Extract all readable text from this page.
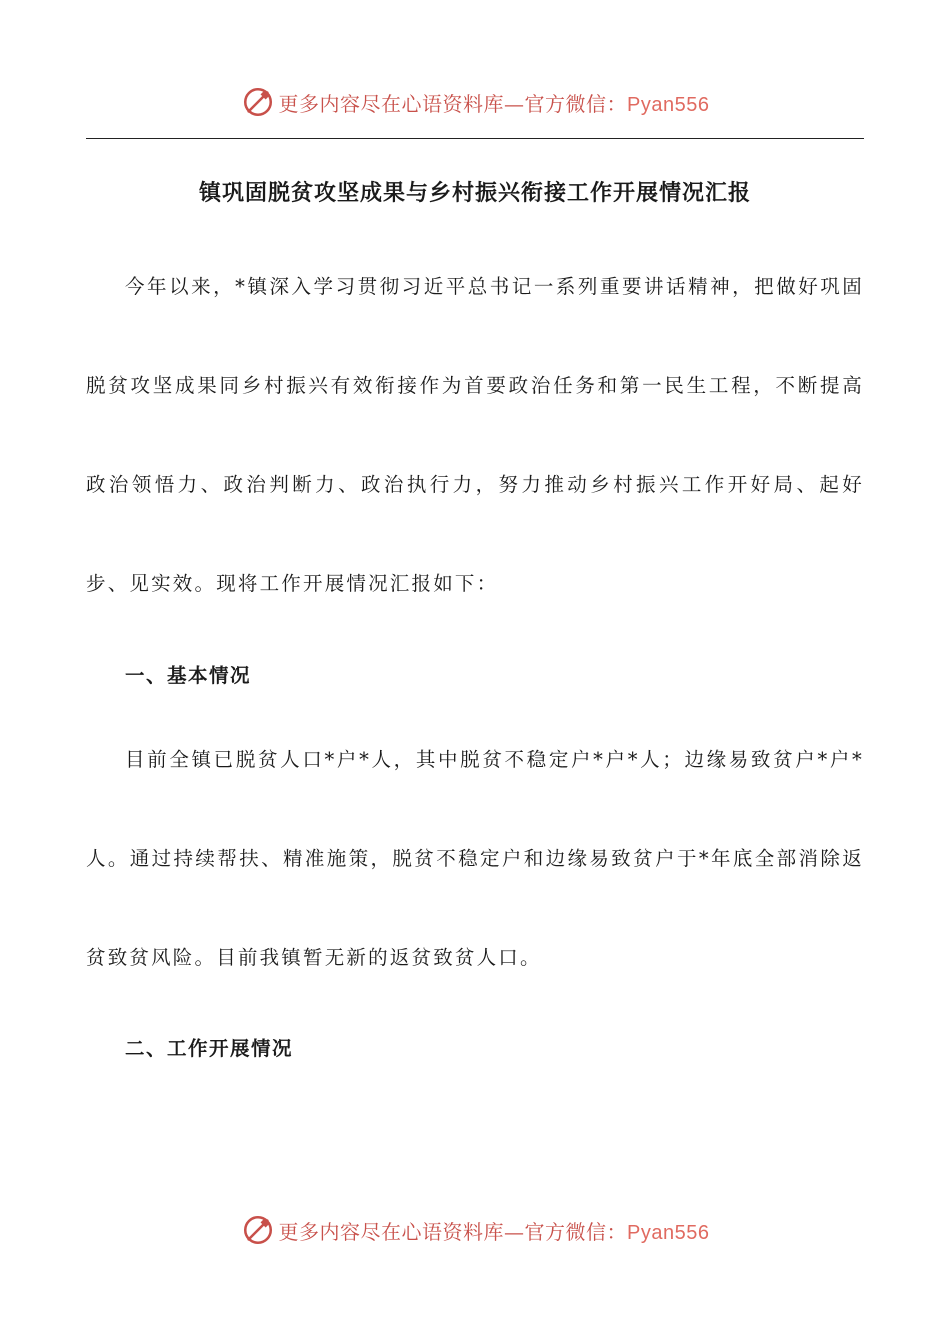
更多内容尽在心语资料库—官方微信：Pyan556
镇巩固脱贫攻坚成果与乡村振兴衔接工作开展情况汇报

今年以来，*镇深入学习贯彻习近平总书记一系列重要讲话精神，把做好巩固脱贫攻坚成果同乡村振兴有效衔接作为首要政治任务和第一民生工程，不断提高政治领悟力、政治判断力、政治执行力，努力推动乡村振兴工作开好局、起好步、见实效。现将工作开展情况汇报如下：

一、基本情况

目前全镇已脱贫人口*户*人，其中脱贫不稳定户*户*人；边缘易致贫户*户*人。通过持续帮扶、精准施策，脱贫不稳定户和边缘易致贫户于*年底全部消除返贫致贫风险。目前我镇暂无新的返贫致贫人口。

二、工作开展情况
更多内容尽在心语资料库—官方微信：Pyan556
